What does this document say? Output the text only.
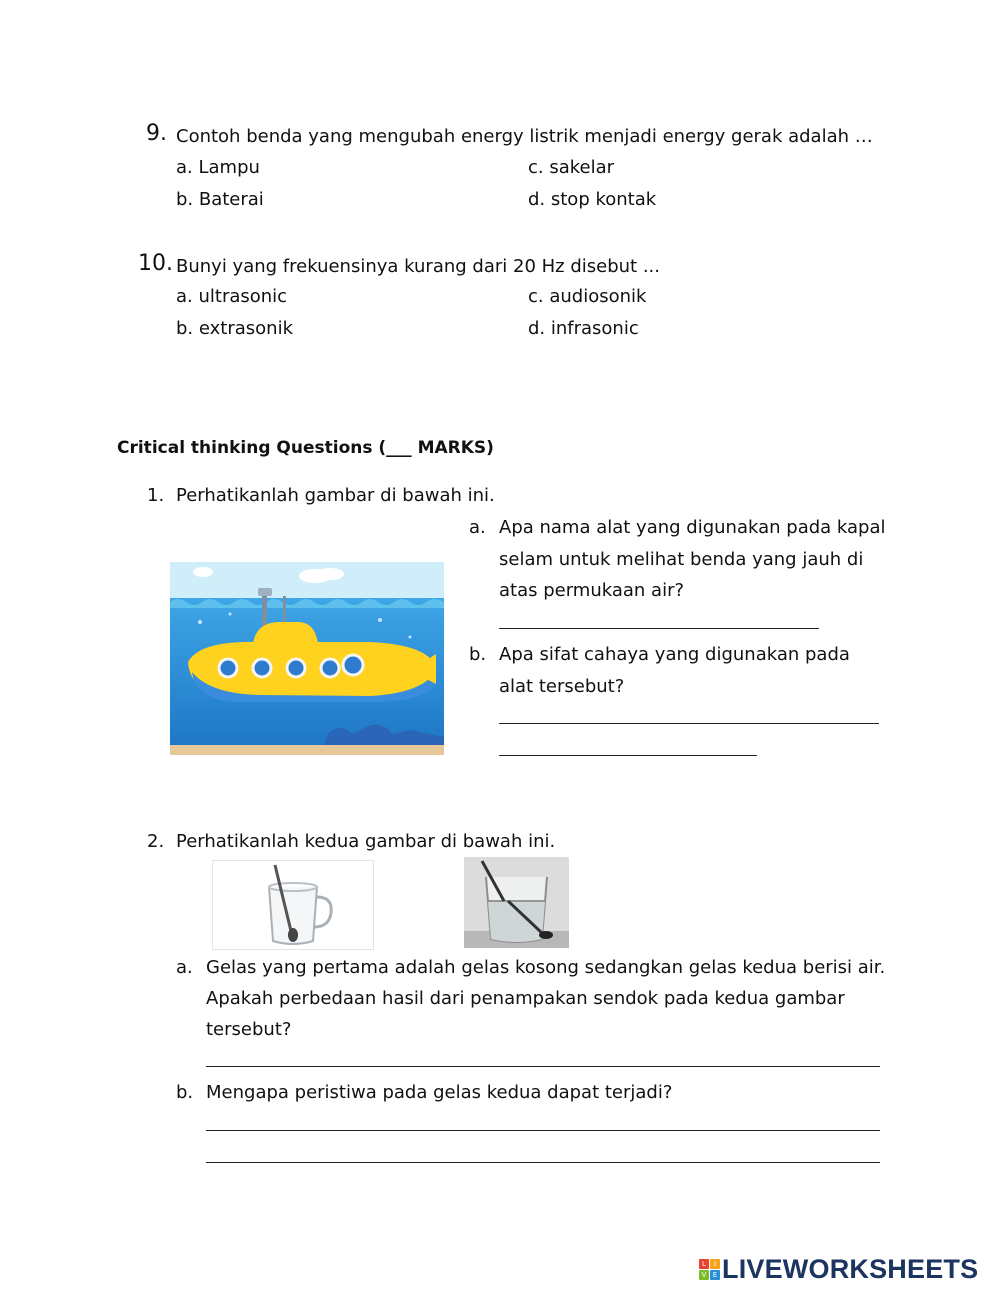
9. Contoh benda yang mengubah energy listrik menjadi energy gerak adalah …
a. Lampu
b. Baterai
c. sakelar
d. stop kontak
10. Bunyi yang frekuensinya kurang dari 20 Hz disebut ...
a. ultrasonic
b. extrasonik
c. audiosonik
d. infrasonic
Critical thinking Questions (___ MARKS)
1. Perhatikanlah gambar di bawah ini.
a. Apa nama alat yang digunakan pada kapal
selam untuk melihat benda yang jauh di
atas permukaan air?
b. Apa sifat cahaya yang digunakan pada
alat tersebut?
2. Perhatikanlah kedua gambar di bawah ini.
a. Gelas yang pertama adalah gelas kosong sedangkan gelas kedua berisi air.
Apakah perbedaan hasil dari penampakan sendok pada kedua gambar
tersebut?
b. Mengapa peristiwa pada gelas kedua dapat terjadi?
L	I
V E LIVEWORKSHEETS
